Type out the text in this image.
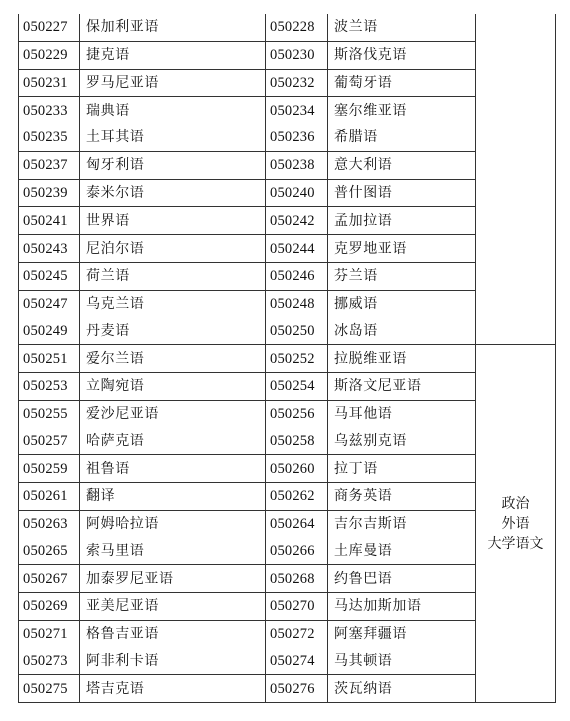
050227	保加利亚语	050228	波兰语	
050229	捷克语	050230	斯洛伐克语	
050231	罗马尼亚语	050232	葡萄牙语	
050233	瑞典语	050234	塞尔维亚语	
050235	土耳其语	050236	希腊语	
050237	匈牙利语	050238	意大利语	
050239	泰米尔语	050240	普什图语	
050241	世界语	050242	孟加拉语	
050243	尼泊尔语	050244	克罗地亚语	
050245	荷兰语	050246	芬兰语	
050247	乌克兰语	050248	挪威语	
050249	丹麦语	050250	冰岛语	
050251	爱尔兰语	050252	拉脱维亚语	政治
外语
大学语文

050253	立陶宛语	050254	斯洛文尼亚语	
050255	爱沙尼亚语	050256	马耳他语	
050257	哈萨克语	050258	乌兹别克语	
050259	祖鲁语	050260	拉丁语	
050261	翻译	050262	商务英语	
050263	阿姆哈拉语	050264	吉尔吉斯语	
050265	索马里语	050266	土库曼语	
050267	加泰罗尼亚语	050268	约鲁巴语	
050269	亚美尼亚语	050270	马达加斯加语	
050271	格鲁吉亚语	050272	阿塞拜疆语	
050273	阿非利卡语	050274	马其顿语	
050275	塔吉克语	050276	茨瓦纳语	
